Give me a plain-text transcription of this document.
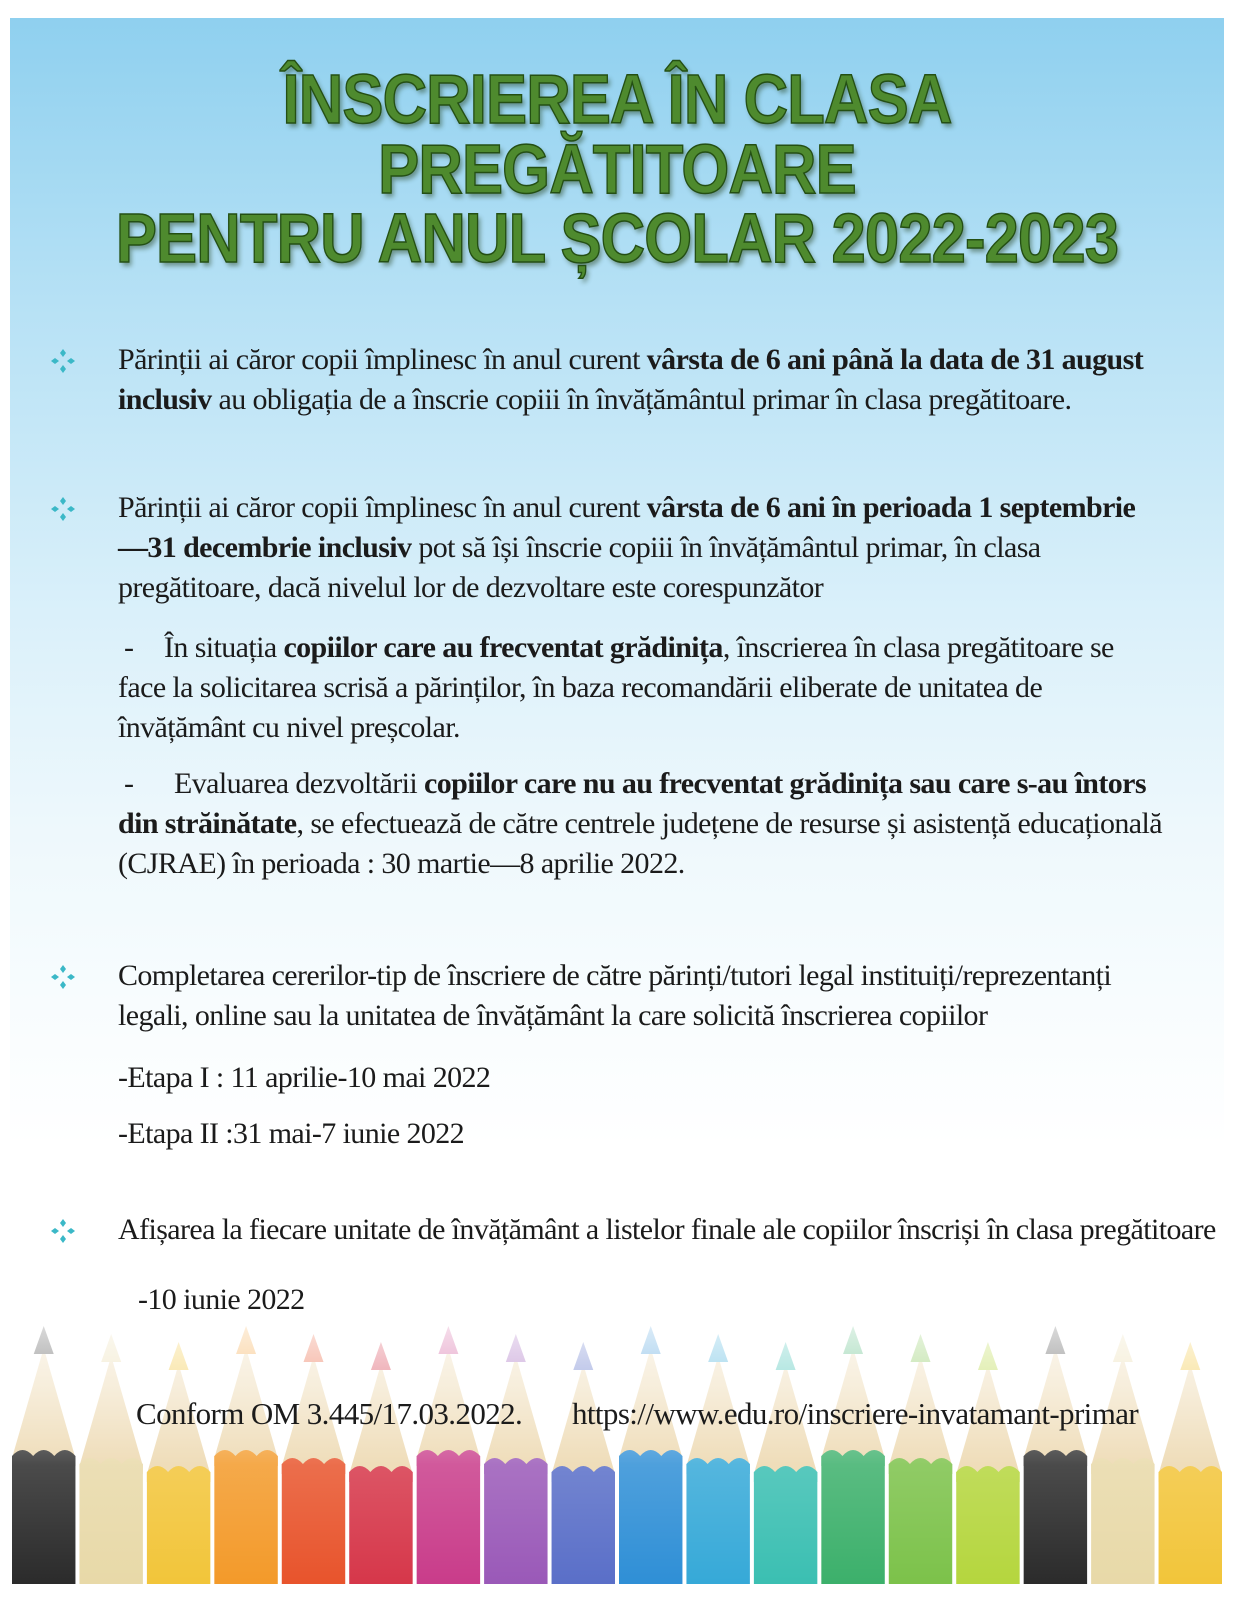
ÎNSCRIEREA ÎN CLASA PREGĂTITOARE
PENTRU ANUL ȘCOLAR 2022-2023

Părinții ai căror copii împlinesc în anul curent vârsta de 6 ani până la data de 31 august inclusiv au obligația de a înscrie copiii în învățământul primar în clasa pregătitoare.

Părinții ai căror copii împlinesc în anul curent vârsta de 6 ani în perioada 1 septembrie—31 decembrie inclusiv pot să își înscrie copiii în învățământul primar, în clasa pregătitoare, dacă nivelul lor de dezvoltare este corespunzător

- În situația copiilor care au frecventat grădinița, înscrierea în clasa pregătitoare se face la solicitarea scrisă a părinților, în baza recomandării eliberate de unitatea de învățământ cu nivel preșcolar.

- Evaluarea dezvoltării copiilor care nu au frecventat grădinița sau care s-au întors din străinătate, se efectuează de către centrele județene de resurse și asistență educațională (CJRAE) în perioada : 30 martie—8 aprilie 2022.

Completarea cererilor-tip de înscriere de către părinți/tutori legal instituiți/reprezentanți legali, online sau la unitatea de învățământ la care solicită înscrierea copiilor

-Etapa I : 11 aprilie-10 mai 2022

-Etapa II :31 mai-7 iunie 2022

Afișarea la fiecare unitate de învățământ a listelor finale ale copiilor înscriși în clasa pregătitoare

-10 iunie 2022

Conform OM 3.445/17.03.2022. https://www.edu.ro/inscriere-invatamant-primar
